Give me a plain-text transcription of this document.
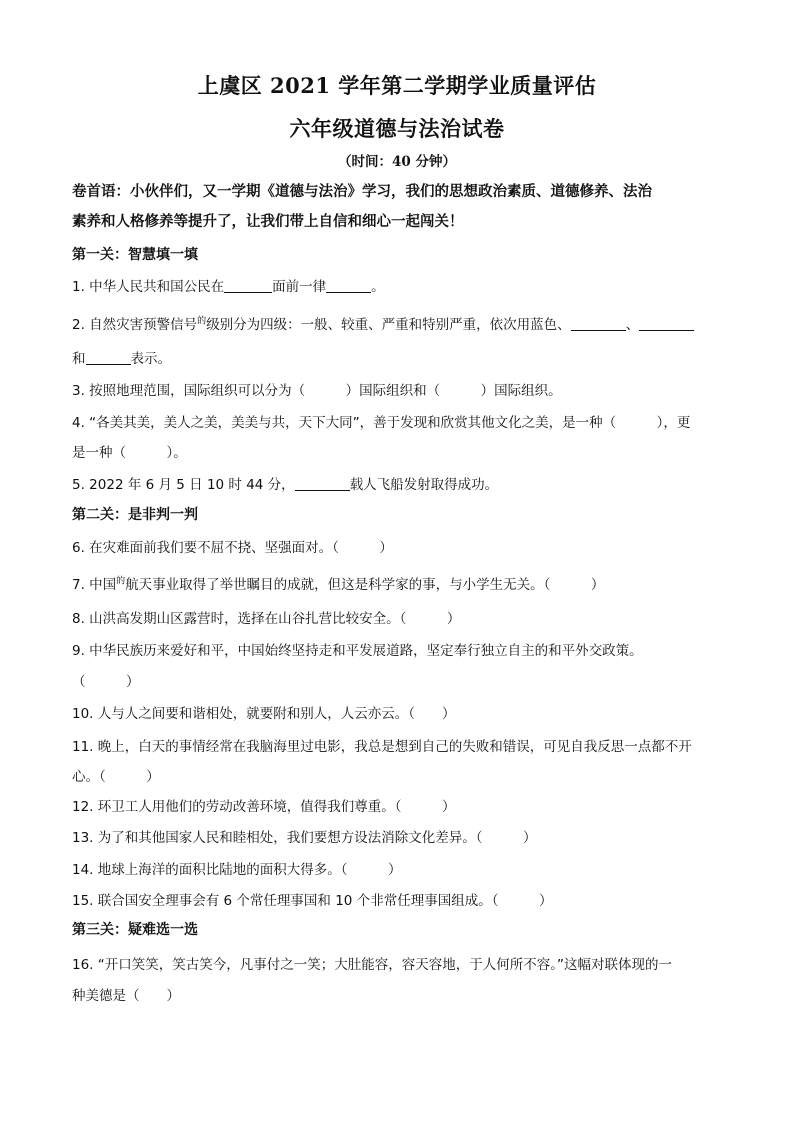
上虞区 2021 学年第二学期学业质量评估
六年级道德与法治试卷
（时间：40 分钟）
卷首语：小伙伴们，又一学期《道德与法治》学习，我们的思想政治素质、道德修养、法治
素养和人格修养等提升了，让我们带上自信和细心一起闯关！
第一关：智慧填一填
1. 中华人民共和国公民在	面前一律	。
2. 自然灾害预警信号$^的$级别分为四级：一般、较重、严重和特别严重，依次用蓝色、	、
和	表示。
3. 按照地理范围，国际组织可以分为（　　　）国际组织和（　　　）国际组织。
4. “各美其美，美人之美，美美与共，天下大同”，善于发现和欣赏其他文化之美，是一种（　　　），更
是一种（　　　）。
5. 2022 年 6 月 5 日 10 时 44 分，	载人飞船发射取得成功。
第二关：是非判一判
6. 在灾难面前我们要不屈不挠、坚强面对。（　　　）
7. 中国$^的$航天事业取得了举世瞩目的成就，但这是科学家的事，与小学生无关。（　　　）
8. 山洪高发期山区露营时，选择在山谷扎营比较安全。（　　　）
9. 中华民族历来爱好和平，中国始终坚持走和平发展道路，坚定奉行独立自主的和平外交政策。
（　　　）
10. 人与人之间要和谐相处，就要附和别人，人云亦云。（　　）
11. 晚上，白天的事情经常在我脑海里过电影，我总是想到自己的失败和错误，可见自我反思一点都不开
心。（　　　）
12. 环卫工人用他们的劳动改善环境，值得我们尊重。（　　　）
13. 为了和其他国家人民和睦相处，我们要想方设法消除文化差异。（　　　）
14. 地球上海洋的面积比陆地的面积大得多。（　　　）
15. 联合国安全理事会有 6 个常任理事国和 10 个非常任理事国组成。（　　　）
第三关：疑难选一选
16. “开口笑笑，笑古笑今，凡事付之一笑；大肚能容，容天容地，于人何所不容。”这幅对联体现的一
种美德是（　　）
